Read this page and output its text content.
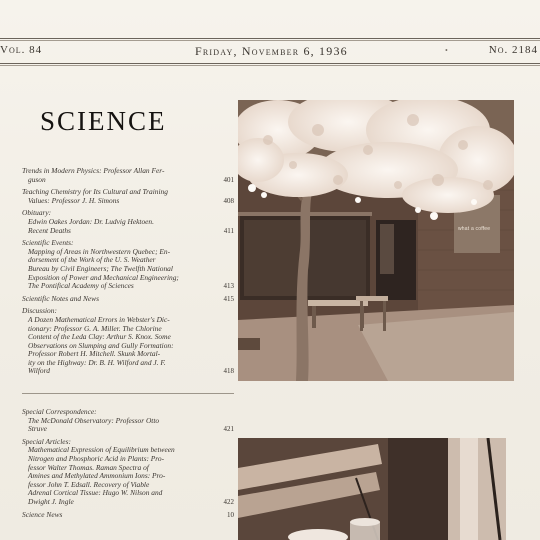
Vol. 84	Friday, November 6, 1936	•	No. 2184
SCIENCE
Trends in Modern Physics: Professor Allan Fer-
guson	401
Teaching Chemistry for Its Cultural and Training
Values: Professor J. H. Simons	408
Obituary:
Edwin Oakes Jordan: Dr. Ludvig Hektoen.
Recent Deaths	411
Scientific Events:
Mapping of Areas in Northwestern Quebec; En-
dorsement of the Work of the U. S. Weather
Bureau by Civil Engineers; The Twelfth National
Exposition of Power and Mechanical Engineering;
The Pontifical Academy of Sciences	413
Scientific Notes and News	415
Discussion:
A Dozen Mathematical Errors in Webster's Dic-
tionary: Professor G. A. Miller. The Chlorine
Content of the Leda Clay: Arthur S. Knox. Some
Observations on Slumping and Gully Formation:
Professor Robert H. Mitchell. Skunk Mortal-
ity on the Highway: Dr. B. H. Wilford and J. F.
Wilford	418
Special Correspondence:
The McDonald Observatory: Professor Otto
Struve	421
Special Articles:
Mathematical Expression of Equilibrium between
Nitrogen and Phosphoric Acid in Plants: Pro-
fessor Walter Thomas. Raman Spectra of
Amines and Methylated Ammonium Ions: Pro-
fessor John T. Edsall. Recovery of Viable
Adrenal Cortical Tissue: Hugo W. Nilson and
Dwight J. Ingle	422
Science News	10
what a coffee
